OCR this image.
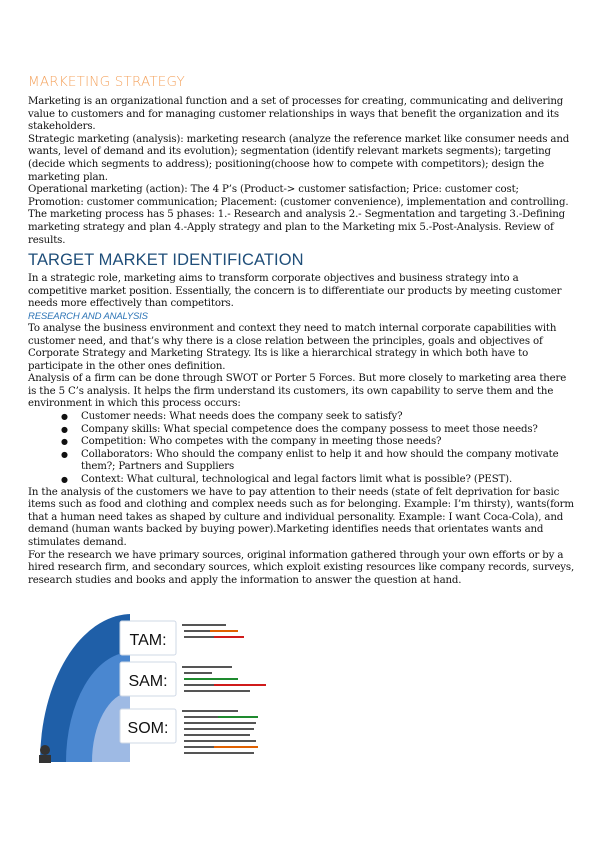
MARKETING STRATEGY

Marketing is an organizational function and a set of processes for creating, communicating and delivering value to customers and for managing customer relationships in ways that benefit the organization and its stakeholders.

Strategic marketing (analysis): marketing research (analyze the reference market like consumer needs and wants, level of demand and its evolution); segmentation (identify relevant markets segments); targeting (decide which segments to address); positioning(choose how to compete with competitors); design the marketing plan.

Operational marketing (action): The 4 P’s (Product-> customer satisfaction; Price: customer cost; Promotion: customer communication; Placement: (customer convenience), implementation and controlling.

The marketing process has 5 phases: 1.- Research and analysis 2.- Segmentation and targeting 3.-Defining marketing strategy and plan 4.-Apply strategy and plan to the Marketing mix 5.-Post-Analysis. Review of results.

TARGET MARKET IDENTIFICATION

In a strategic role, marketing aims to transform corporate objectives and business strategy into a competitive market position. Essentially, the concern is to differentiate our products by meeting customer needs more effectively than competitors.

RESEARCH AND ANALYSIS

To analyse the business environment and context they need to match internal corporate capabilities with customer need, and that’s why there is a close relation between the principles, goals and objectives of Corporate Strategy and Marketing Strategy. Its is like a hierarchical strategy in which both have to participate in the other ones definition.

Analysis of a firm can be done through SWOT or Porter 5 Forces. But more closely to marketing area there is the 5 C’s analysis. It helps the firm understand its customers, its own capability to serve them and the environment in which this process occurs:

● Customer needs: What needs does the company seek to satisfy?
● Company skills: What special competence does the company possess to meet those needs?
● Competition: Who competes with the company in meeting those needs?
● Collaborators: Who should the company enlist to help it and how should the company motivate them?; Partners and Suppliers
● Context: What cultural, technological and legal factors limit what is possible? (PEST).

In the analysis of the customers we have to pay attention to their needs (state of felt deprivation for basic items such as food and clothing and complex needs such as for belonging. Example: I’m thirsty), wants(form that a human need takes as shaped by culture and individual personality. Example: I want Coca-Cola), and demand (human wants backed by buying power).Marketing identifies needs that orientates wants and stimulates demand.

For the research we have primary sources, original information gathered through your own efforts or by a hired research firm, and secondary sources, which exploit existing resources like company records, surveys, research studies and books and apply the information to answer the question at hand.

TAM:
SAM:
SOM:
